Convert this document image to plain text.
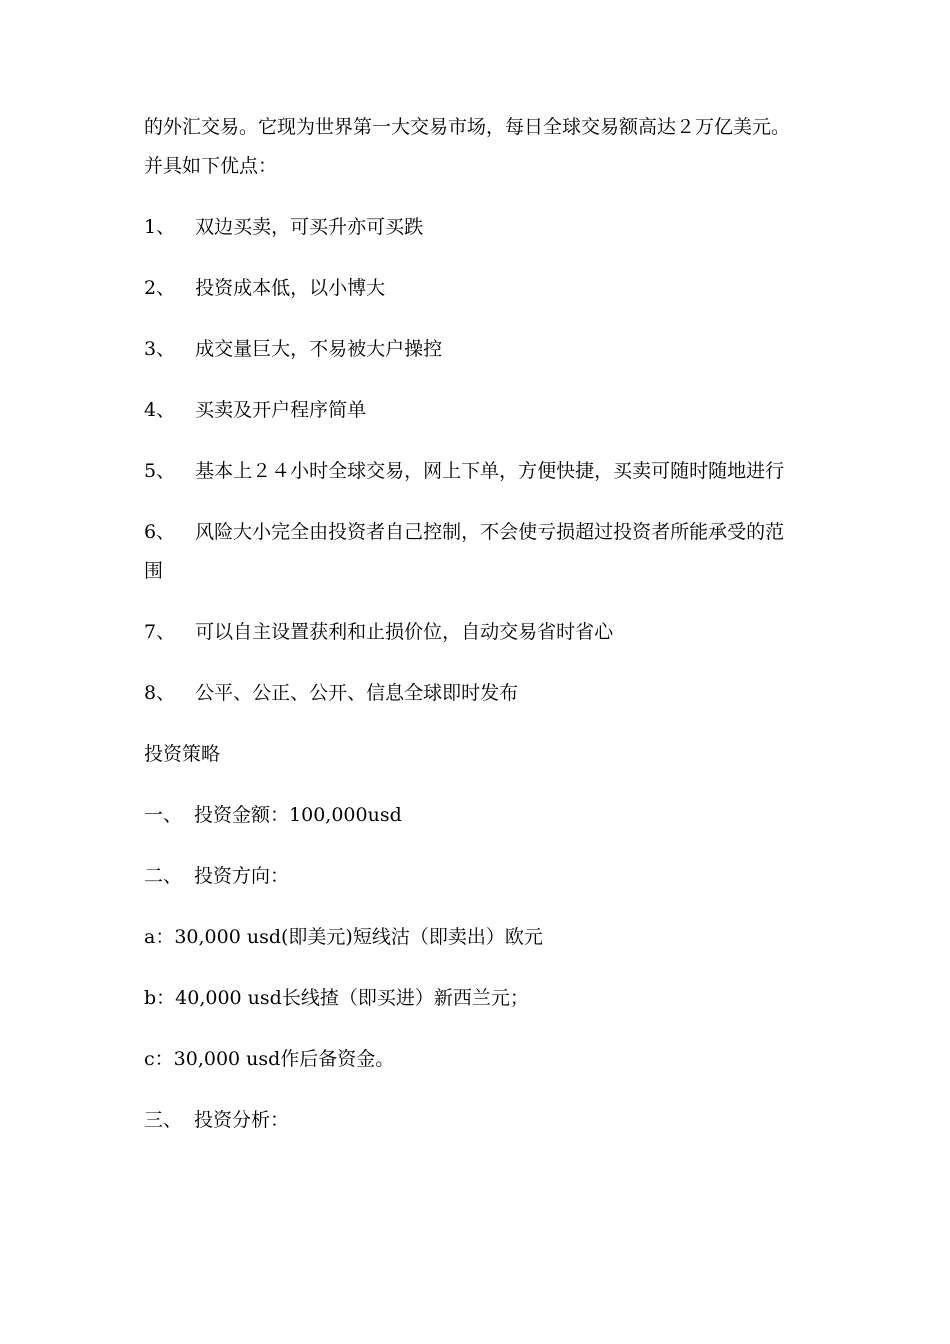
的外汇交易。它现为世界第一大交易市场，每日全球交易额高达２万亿美元。
并具如下优点：
1、 双边买卖，可买升亦可买跌
2、 投资成本低，以小博大
3、 成交量巨大，不易被大户操控
4、 买卖及开户程序简单
5、 基本上２４小时全球交易，网上下单，方便快捷，买卖可随时随地进行
6、 风险大小完全由投资者自己控制，不会使亏损超过投资者所能承受的范
围
7、 可以自主设置获利和止损价位，自动交易省时省心
8、 公平、公正、公开、信息全球即时发布
投资策略
一、 投资金额：100,000usd
二、 投资方向：
a：30,000 usd(即美元)短线沽（即卖出）欧元
b：40,000 usd长线揸（即买进）新西兰元；
c：30,000 usd作后备资金。
三、 投资分析：
